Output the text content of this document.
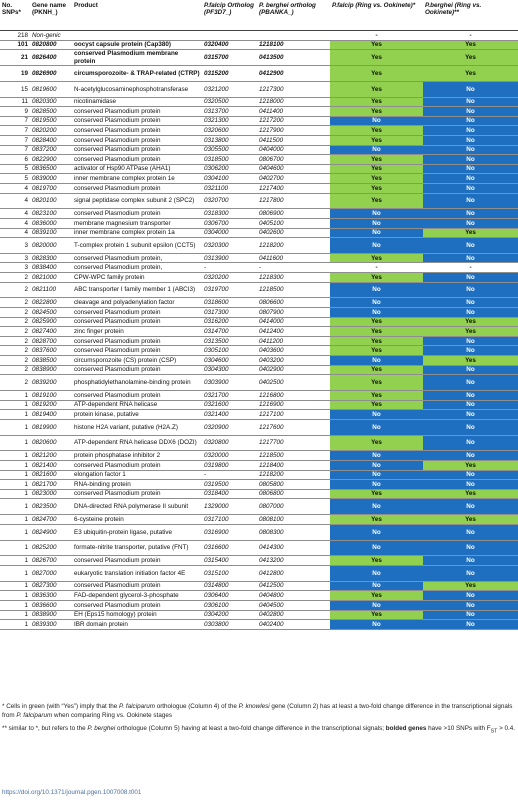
No. SNPs*	Gene name (PKNH_)	Product	P.falcip Ortholog (PF3D7_)	P. berghei ortholog (PBANKA_)	P.falcip (Ring vs. Ookinete)*	P.berghei (Ring vs. Ookinete)**
218	Non-genic				-	-
101	0820800	oocyst capsule protein (Cap380)	0320400	1218100	Yes	Yes
21	0826400	conserved Plasmodium membrane protein	0315700	0413500	Yes	Yes
19	0826900	circumsporozoite- & TRAP-related (CTRP)	0315200	0412900	Yes	Yes
15	0819600	N-acetylglucosaminephosphotransferase	0321200	1217300	Yes	No
11	0820300	nicotinamidase	0320500	1218000	Yes	No
9	0828500	conserved Plasmodium protein	0313700	0411400	Yes	No
7	0819500	conserved Plasmodium protein	0321300	1217200	No	No
7	0820200	conserved Plasmodium protein	0320600	1217900	Yes	No
7	0828400	conserved Plasmodium protein	0313800	0411500	Yes	No
7	0837200	conserved Plasmodium protein	0305500	0404000	No	No
6	0822900	conserved Plasmodium protein	0318500	0806700	Yes	No
5	0836500	activator of Hsp90 ATPase (AHA1)	0306200	0404600	Yes	No
5	0839000	inner membrane complex protein 1e	0304100	0402700	Yes	No
4	0819700	conserved Plasmodium protein	0321100	1217400	Yes	No
4	0820100	signal peptidase complex subunit 2 (SPC2)	0320700	1217800	Yes	No
4	0823100	conserved Plasmodium protein	0318300	0806900	No	No
4	0836000	membrane magnesium transporter	0306700	0405100	No	No
4	0839100	inner membrane complex protein 1a	0304000	0402600	No	Yes
3	0820000	T-complex protein 1 subunit epsilon (CCT5)	0320300	1218200	No	No
3	0828300	conserved Plasmodium protein,	0313900	0411600	Yes	No
3	0838400	conserved Plasmodium protein,	-	-	-	-
2	0821000	CPW-WPC family protein	0320200	1218300	Yes	No
2	0821100	ABC transporter I family member 1 (ABCI3)	0319700	1218500	No	No
2	0822800	cleavage and polyadenylation factor	0318600	0806600	No	No
2	0824500	conserved Plasmodium protein	0317300	0807900	No	No
2	0825900	conserved Plasmodium protein	0316200	0414000	Yes	Yes
2	0827400	zinc finger protein	0314700	0412400	Yes	Yes
2	0828700	conserved Plasmodium protein	0313500	0411200	Yes	No
2	0837600	conserved Plasmodium protein	0305100	0403600	Yes	No
2	0838500	circumsporozoite (CS) protein (CSP)	0304600	0403200	No	Yes
2	0838900	conserved Plasmodium protein	0304300	0402900	Yes	No
2	0839200	phosphatidylethanolamine-binding protein	0303900	0402500	Yes	No
1	0819100	conserved Plasmodium protein	0321700	1216800	Yes	No
1	0819200	ATP-dependent RNA helicase	0321600	1216900	Yes	No
1	0819400	protein kinase, putative	0321400	1217100	No	No
1	0819900	histone H2A variant, putative (H2A.Z)	0320900	1217600	No	No
1	0820600	ATP-dependent RNA helicase DDX6 (DOZI)	0320800	1217700	Yes	No
1	0821200	protein phosphatase inhibitor 2	0320000	1218500	No	No
1	0821400	conserved Plasmodium protein	0319800	1218400	No	Yes
1	0821600	elongation factor 1	-	1218200	No	No
1	0821700	RNA-binding protein	0319500	0805800	No	No
1	0823000	conserved Plasmodium protein	0318400	0806800	Yes	Yes
1	0823500	DNA-directed RNA polymerase II subunit	1329000	0807000	No	No
1	0824700	6-cysteine protein	0317100	0808100	Yes	Yes
1	0824900	E3 ubiquitin-protein ligase, putative	0316900	0808300	No	No
1	0825200	formate-nitrite transporter, putative (FNT)	0316600	0414300	No	No
1	0826700	conserved Plasmodium protein	0315400	0413200	Yes	No
1	0827000	eukaryotic translation initiation factor 4E	0315100	0412800	No	No
1	0827300	conserved Plasmodium protein	0314800	0412500	No	Yes
1	0836300	FAD-dependent glycerol-3-phosphate	0306400	0404800	Yes	No
1	0836600	conserved Plasmodium protein	0306100	0404500	No	No
1	0838900	EH (Eps15 homology) protein	0304200	0402800	Yes	No
1	0839300	IBR domain protein	0303800	0402400	No	No
* Cells in green (with “Yes”) imply that the P. falciparum orthologue (Column 4) of the P. knowlesi gene (Column 2) has at least a two-fold change difference in the transcriptional signals from P. falciparum when comparing Ring vs. Ookinete stages
** similar to *, but refers to the P. berghei orthologue (Column 5) having at least a two-fold change difference in the transcriptional signals; bolded genes have >10 SNPs with $F_{ST} > 0.4$.
https://doi.org/10.1371/journal.pgen.1007008.t001
